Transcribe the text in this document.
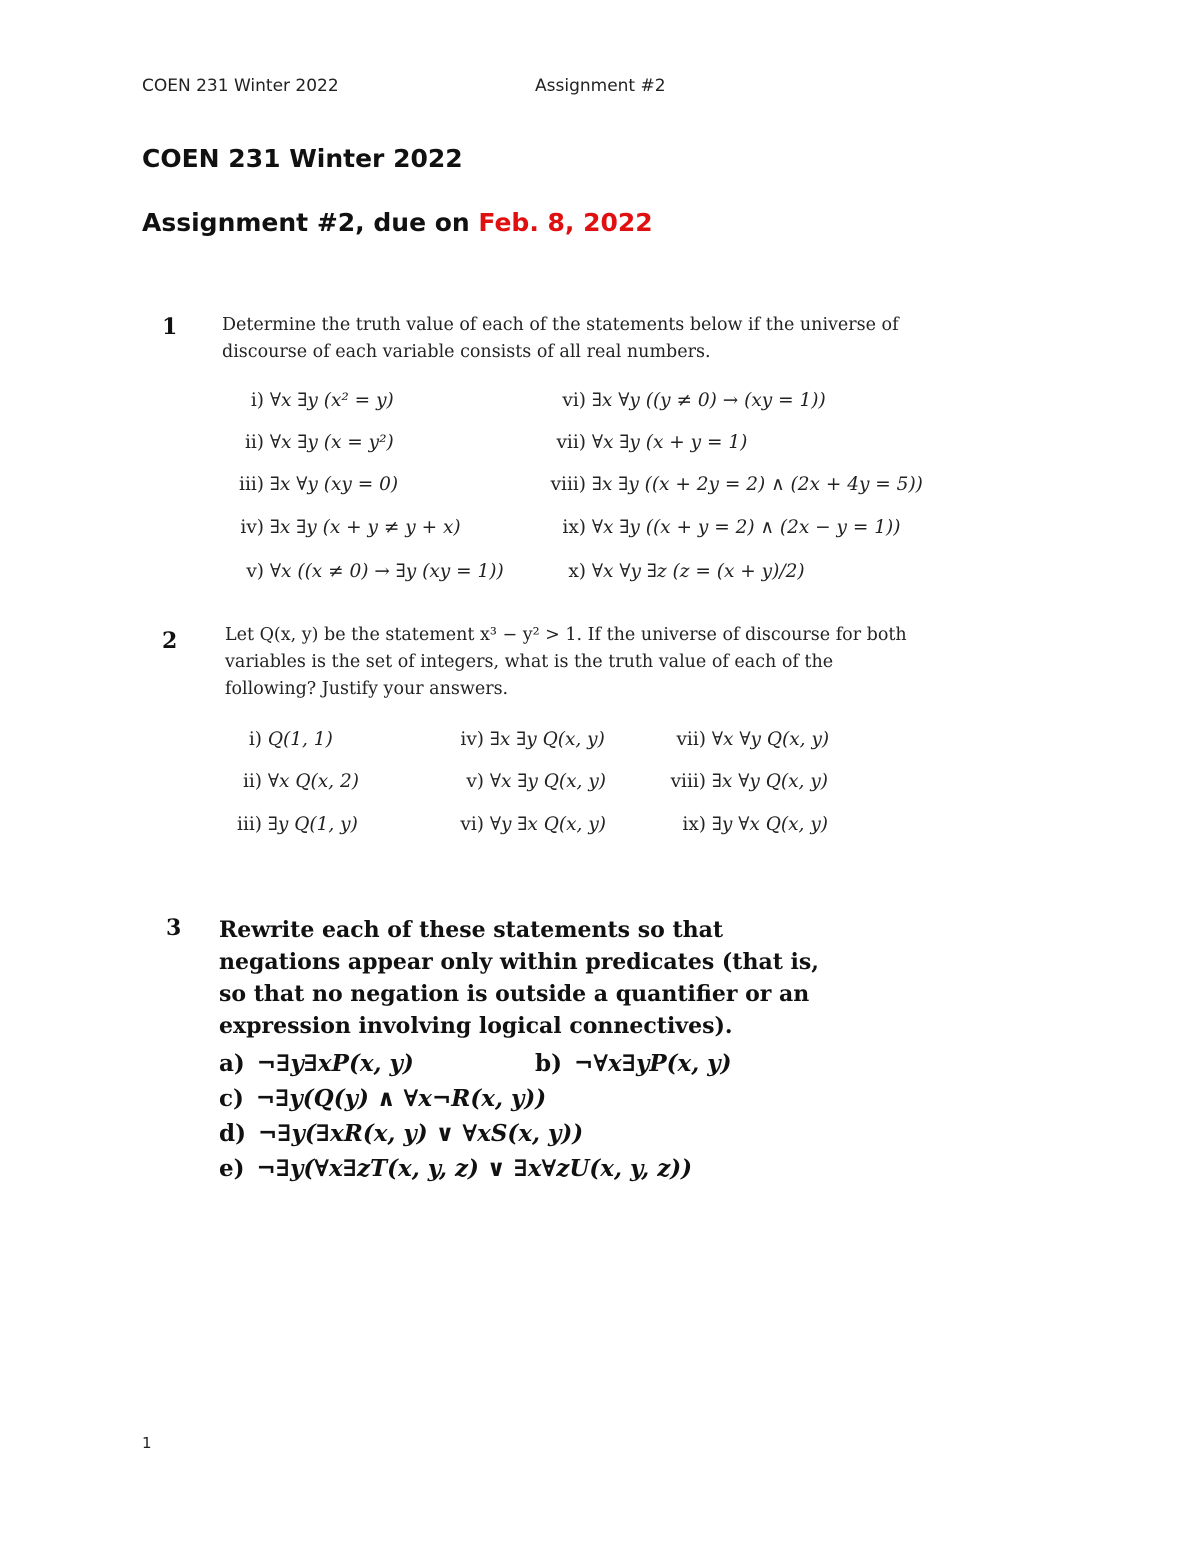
COEN 231 Winter 2022	Assignment #2
COEN 231 Winter 2022
Assignment #2, due on Feb. 8, 2022
1	Determine the truth value of each of the statements below if the universe of discourse of each variable consists of all real numbers.
i) ∀x ∃y (x² = y)
ii) ∀x ∃y (x = y²)
iii) ∃x ∀y (xy = 0)
iv) ∃x ∃y (x + y ≠ y + x)
v) ∀x ((x ≠ 0) → ∃y (xy = 1))
vi) ∃x ∀y ((y ≠ 0) → (xy = 1))
vii) ∀x ∃y (x + y = 1)
viii) ∃x ∃y ((x + 2y = 2) ∧ (2x + 4y = 5))
ix) ∀x ∃y ((x + y = 2) ∧ (2x − y = 1))
x) ∀x ∀y ∃z (z = (x + y)/2)
2	Let Q(x, y) be the statement x³ − y² > 1. If the universe of discourse for both variables is the set of integers, what is the truth value of each of the following? Justify your answers.
i) Q(1, 1)
ii) ∀x Q(x, 2)
iii) ∃y Q(1, y)
iv) ∃x ∃y Q(x, y)
v) ∀x ∃y Q(x, y)
vi) ∀y ∃x Q(x, y)
vii) ∀x ∀y Q(x, y)
viii) ∃x ∀y Q(x, y)
ix) ∃y ∀x Q(x, y)
3 Rewrite each of these statements so that negations appear only within predicates (that is, so that no negation is outside a quantifier or an expression involving logical connectives).
a) ¬∃y∃xP(x, y)	b) ¬∀x∃yP(x, y)
c) ¬∃y(Q(y) ∧ ∀x¬R(x, y))
d) ¬∃y(∃xR(x, y) ∨ ∀xS(x, y))
e) ¬∃y(∀x∃zT(x, y, z) ∨ ∃x∀zU(x, y, z))
1
